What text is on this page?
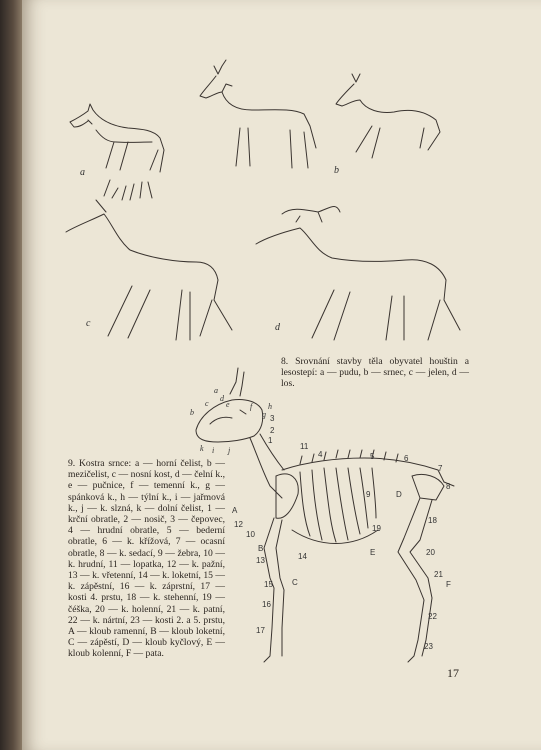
a	b
c	d
a
b
c
d
e	f
g
h
i j
k
1
2
3
4	5	6
7
8
9
10
11
12
13	14
15
16
17
18
19
20
21
22
23
A
B
C
D
E
F
8. Srovnání stavby těla obyvatel houštin a lesostepí: a — pudu, b — srnec, c — jelen, d — los.
9. Kostra srnce: a — horní čelist, b — mezičelist, c — nosní kost, d — čelní k., e — pučnice, f — temenní k., g — spánková k., h — týlní k., i — jařmová k., j — k. slzná, k — dolní čelist, 1 — krční obratle, 2 — nosič, 3 — čepovec, 4 — hrudní obratle, 5 — bederní obratle, 6 — k. křížová, 7 — ocasní obratle, 8 — k. sedací, 9 — žebra, 10 — k. hrudní, 11 — lopatka, 12 — k. pažní, 13 — k. vřetenní, 14 — k. loketní, 15 — k. zápěstní, 16 — k. záprstní, 17 — kosti 4. prstu, 18 — k. stehenní, 19 — čéška, 20 — k. holenní, 21 — k. patní, 22 — k. nártní, 23 — kosti 2. a 5. prstu, A — kloub ramenní, B — kloub loketní, C — zápěstí, D — kloub kyčlový, E — kloub kolenní, F — pata.
17
